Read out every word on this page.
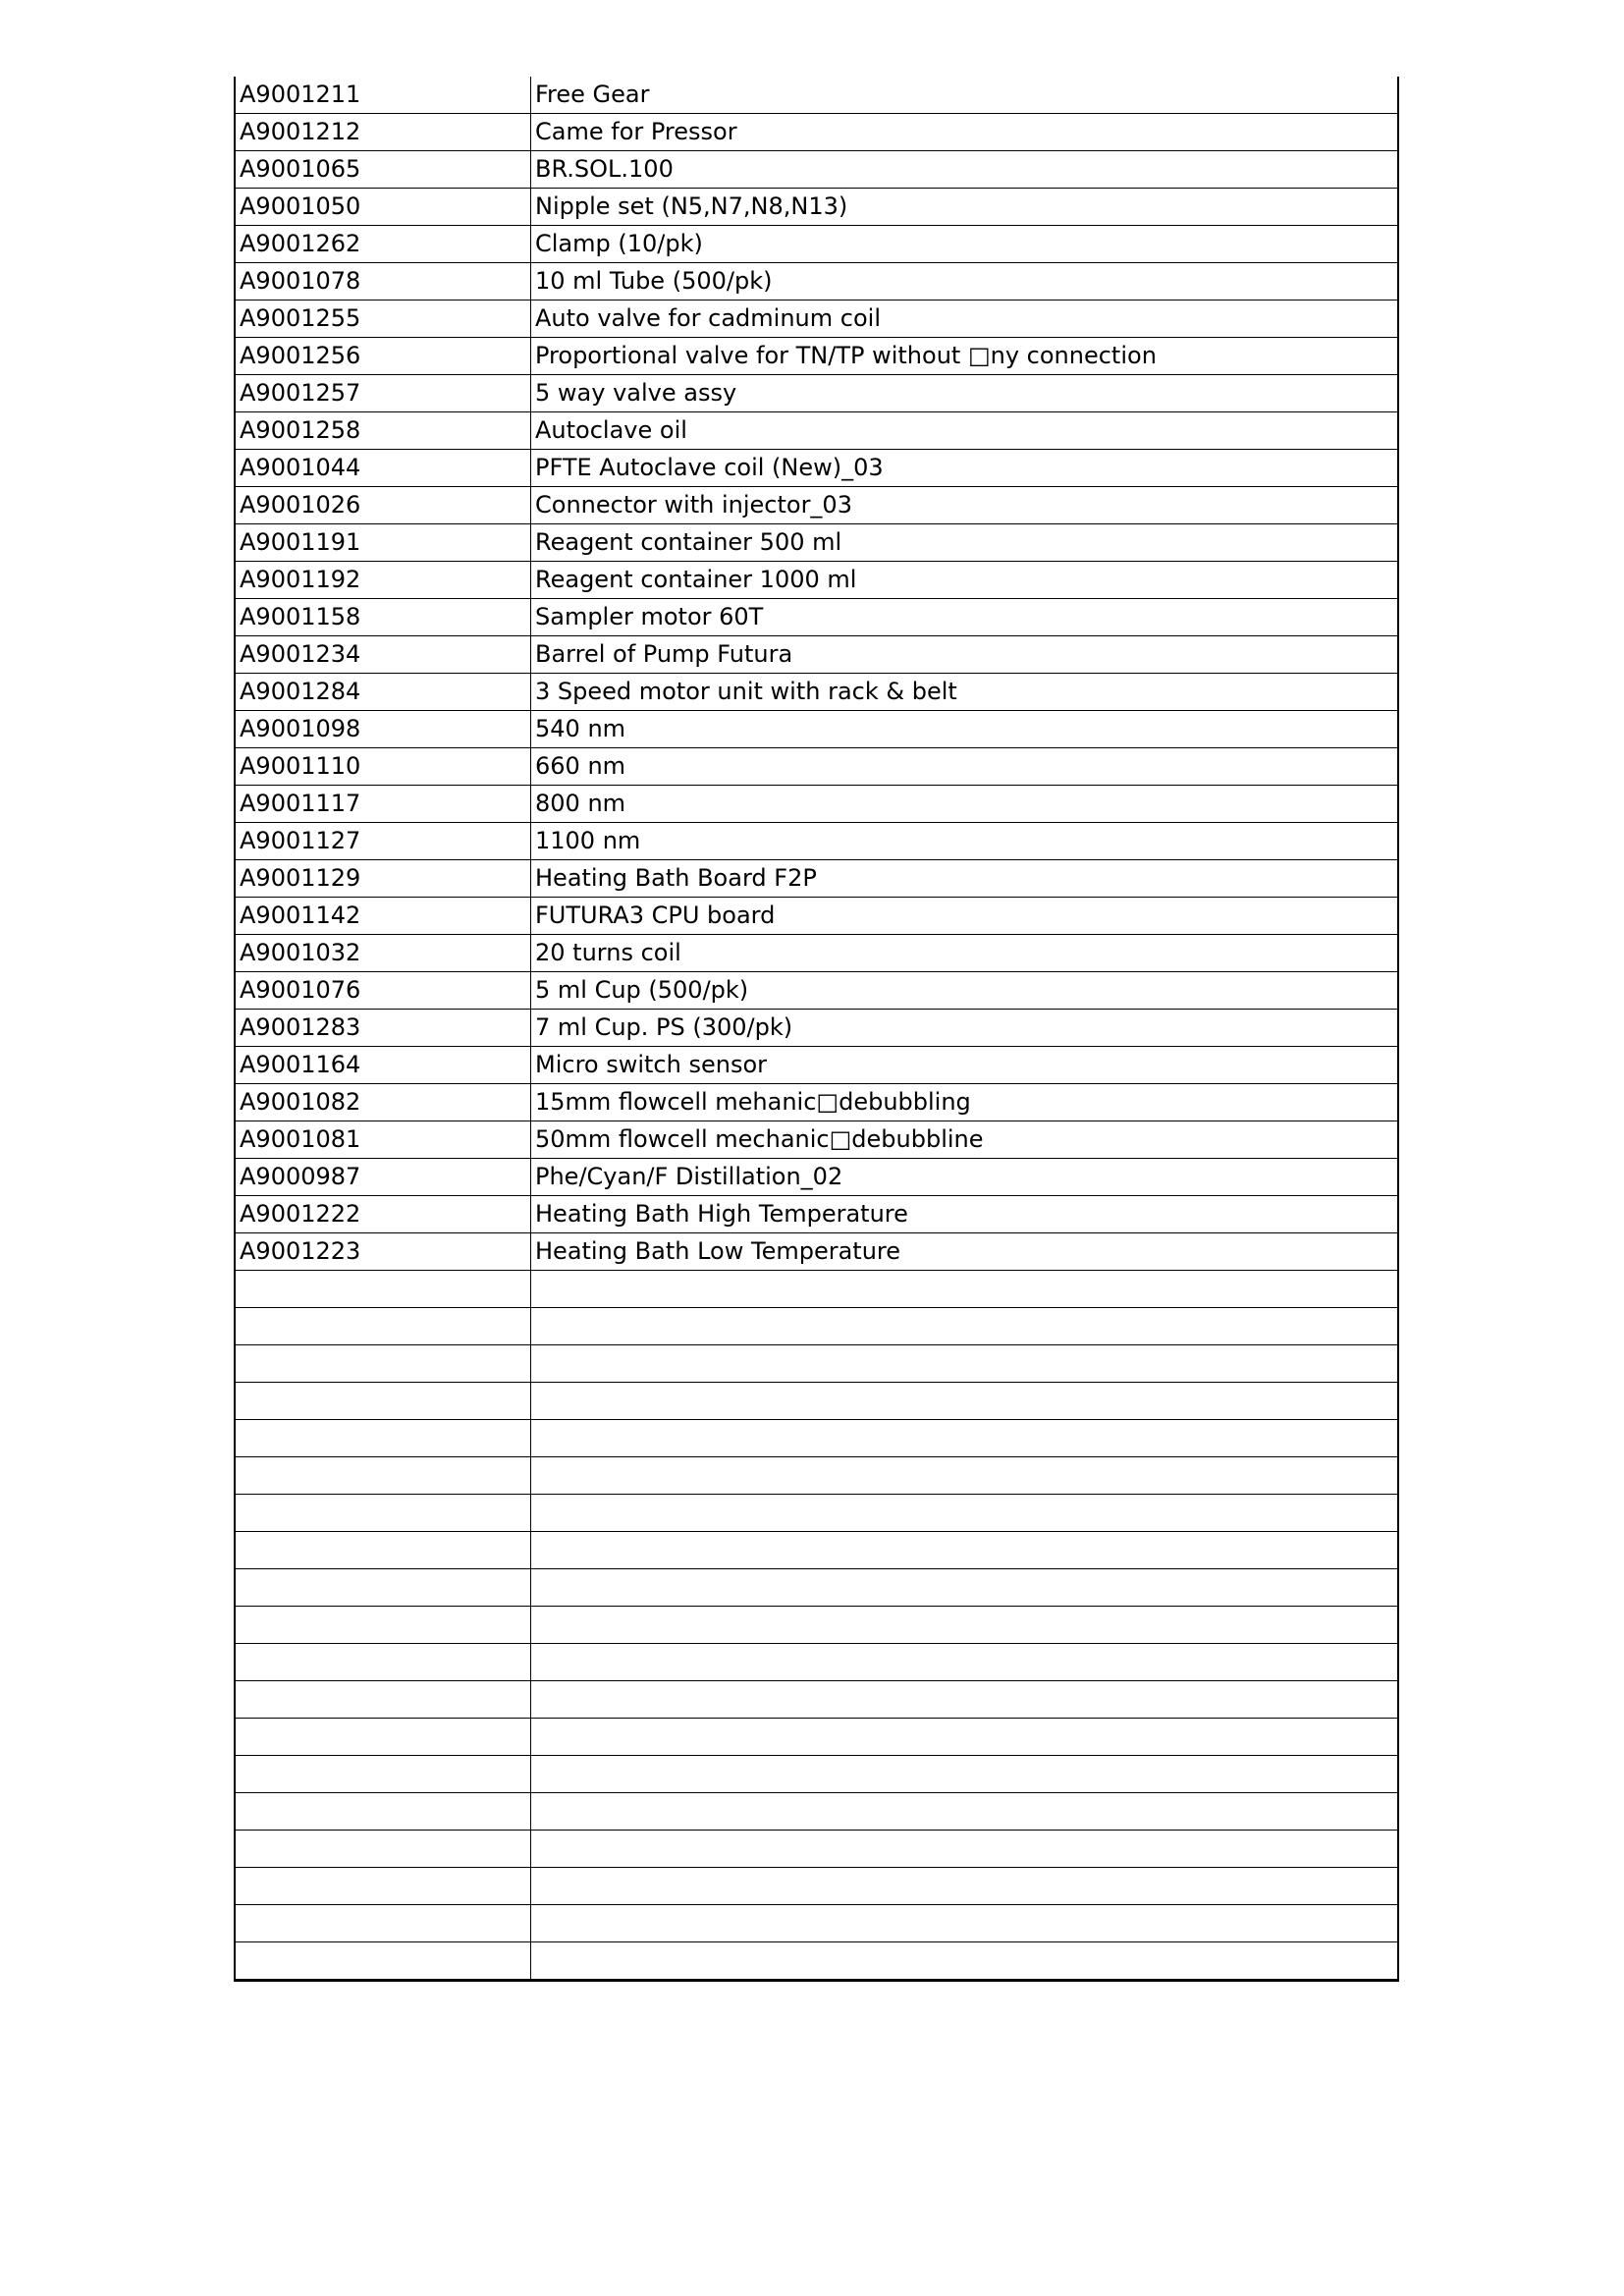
A9001211	Free Gear
A9001212	Came for Pressor
A9001065	BR.SOL.100
A9001050	Nipple set (N5,N7,N8,N13)
A9001262	Clamp (10/pk)
A9001078	10 ml Tube (500/pk)
A9001255	Auto valve for cadminum coil
A9001256	Proportional valve for TN/TP without □ny connection
A9001257	5 way valve assy
A9001258	Autoclave oil
A9001044	PFTE Autoclave coil (New)_03
A9001026	Connector with injector_03
A9001191	Reagent container 500 ml
A9001192	Reagent container 1000 ml
A9001158	Sampler motor 60T
A9001234	Barrel of Pump Futura
A9001284	3 Speed motor unit with rack & belt
A9001098	540 nm
A9001110	660 nm
A9001117	800 nm
A9001127	1100 nm
A9001129	Heating Bath Board F2P
A9001142	FUTURA3 CPU board
A9001032	20 turns coil
A9001076	5 ml Cup (500/pk)
A9001283	7 ml Cup. PS (300/pk)
A9001164	Micro switch sensor
A9001082	15mm flowcell mehanic□debubbling
A9001081	50mm flowcell mechanic□debubbline
A9000987	Phe/Cyan/F Distillation_02
A9001222	Heating Bath High Temperature
A9001223	Heating Bath Low Temperature
